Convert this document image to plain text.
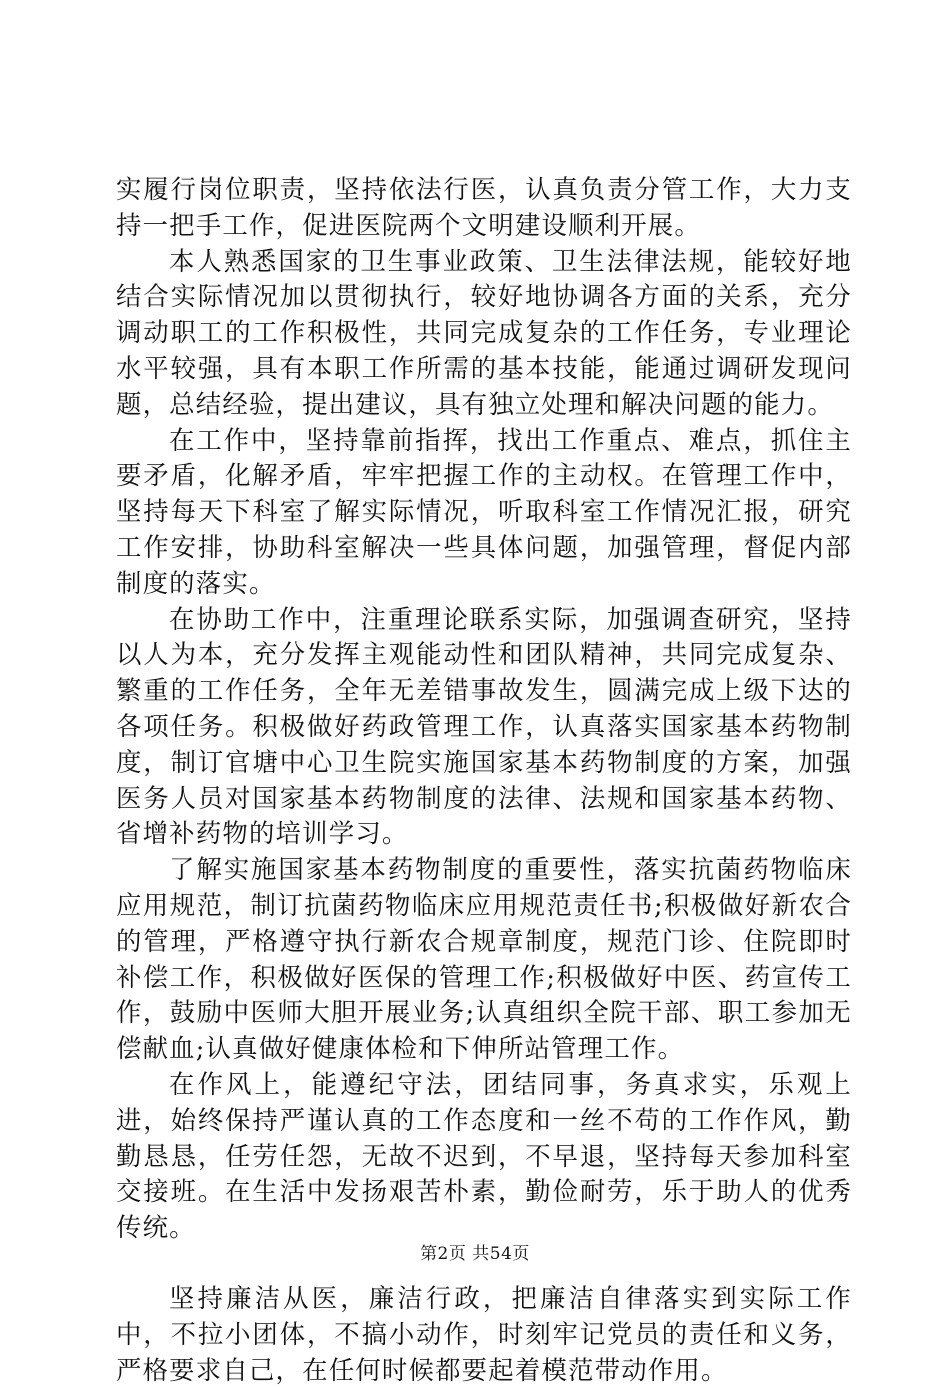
实履行岗位职责，坚持依法行医，认真负责分管工作，大力支持一把手工作，促进医院两个文明建设顺利开展。

本人熟悉国家的卫生事业政策、卫生法律法规，能较好地结合实际情况加以贯彻执行，较好地协调各方面的关系，充分调动职工的工作积极性，共同完成复杂的工作任务，专业理论水平较强，具有本职工作所需的基本技能，能通过调研发现问题，总结经验，提出建议，具有独立处理和解决问题的能力。

在工作中，坚持靠前指挥，找出工作重点、难点，抓住主要矛盾，化解矛盾，牢牢把握工作的主动权。在管理工作中，坚持每天下科室了解实际情况，听取科室工作情况汇报，研究工作安排，协助科室解决一些具体问题，加强管理，督促内部制度的落实。

在协助工作中，注重理论联系实际，加强调查研究，坚持以人为本，充分发挥主观能动性和团队精神，共同完成复杂、繁重的工作任务，全年无差错事故发生，圆满完成上级下达的各项任务。积极做好药政管理工作，认真落实国家基本药物制度，制订官塘中心卫生院实施国家基本药物制度的方案，加强医务人员对国家基本药物制度的法律、法规和国家基本药物、省增补药物的培训学习。

了解实施国家基本药物制度的重要性，落实抗菌药物临床应用规范，制订抗菌药物临床应用规范责任书;积极做好新农合的管理，严格遵守执行新农合规章制度，规范门诊、住院即时补偿工作，积极做好医保的管理工作;积极做好中医、药宣传工作，鼓励中医师大胆开展业务;认真组织全院干部、职工参加无偿献血;认真做好健康体检和下伸所站管理工作。

在作风上，能遵纪守法，团结同事，务真求实，乐观上进，始终保持严谨认真的工作态度和一丝不苟的工作作风，勤勤恳恳，任劳任怨，无故不迟到，不早退，坚持每天参加科室交接班。在生活中发扬艰苦朴素，勤俭耐劳，乐于助人的优秀传统。

坚持廉洁从医，廉洁行政，把廉洁自律落实到实际工作中，不拉小团体，不搞小动作，时刻牢记党员的责任和义务，严格要求自己，在任何时候都要起着模范带动作用。

第2页 共54页
